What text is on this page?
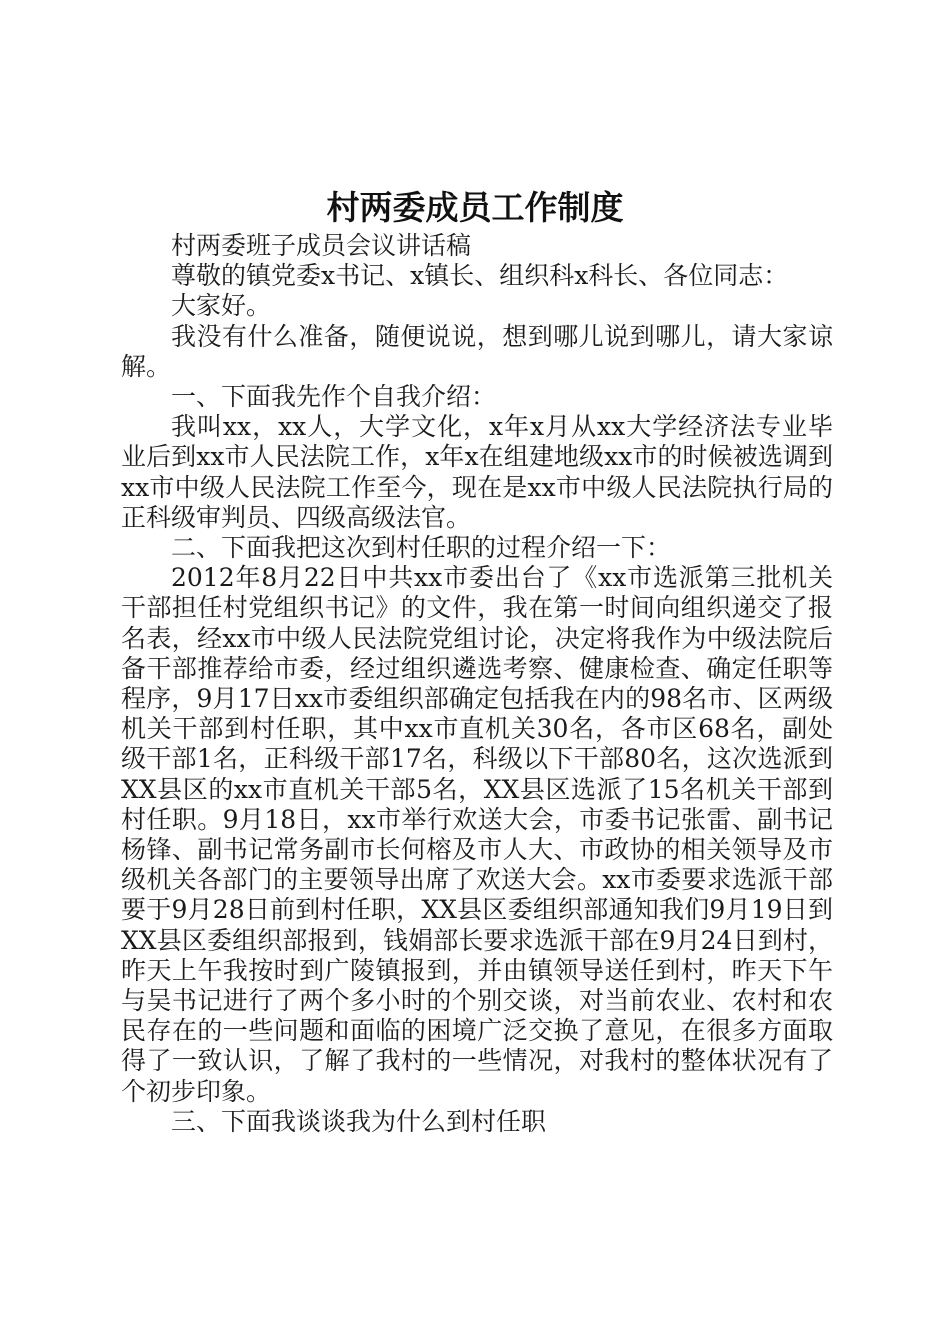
村两委成员工作制度

村两委班子成员会议讲话稿

尊敬的镇党委x书记、x镇长、组织科x科长、各位同志：

大家好。

我没有什么准备，随便说说，想到哪儿说到哪儿，请大家谅解。

一、下面我先作个自我介绍：

我叫xx，xx人，大学文化，x年x月从xx大学经济法专业毕业后到xx市人民法院工作，x年x在组建地级xx市的时候被选调到xx市中级人民法院工作至今，现在是xx市中级人民法院执行局的正科级审判员、四级高级法官。

二、下面我把这次到村任职的过程介绍一下：

2012年8月22日中共xx市委出台了《xx市选派第三批机关干部担任村党组织书记》的文件，我在第一时间向组织递交了报名表，经xx市中级人民法院党组讨论，决定将我作为中级法院后备干部推荐给市委，经过组织遴选考察、健康检查、确定任职等程序，9月17日xx市委组织部确定包括我在内的98名市、区两级机关干部到村任职，其中xx市直机关30名，各市区68名，副处级干部1名，正科级干部17名，科级以下干部80名，这次选派到XX县区的xx市直机关干部5名，XX县区选派了15名机关干部到村任职。9月18日，xx市举行欢送大会，市委书记张雷、副书记杨锋、副书记常务副市长何榕及市人大、市政协的相关领导及市级机关各部门的主要领导出席了欢送大会。xx市委要求选派干部要于9月28日前到村任职，XX县区委组织部通知我们9月19日到XX县区委组织部报到，钱娟部长要求选派干部在9月24日到村，昨天上午我按时到广陵镇报到，并由镇领导送任到村，昨天下午与吴书记进行了两个多小时的个别交谈，对当前农业、农村和农民存在的一些问题和面临的困境广泛交换了意见，在很多方面取得了一致认识，了解了我村的一些情况，对我村的整体状况有了个初步印象。

三、下面我谈谈我为什么到村任职
